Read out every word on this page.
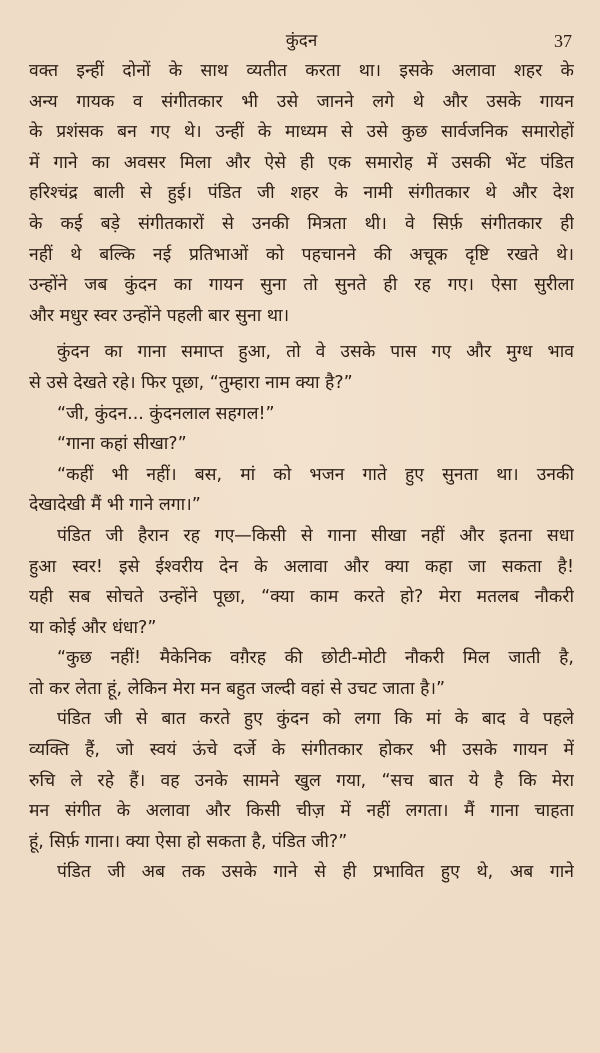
कुंदन	37
वक्त इन्हीं दोनों के साथ व्यतीत करता था। इसके अलावा शहर के
अन्य गायक व संगीतकार भी उसे जानने लगे थे और उसके गायन
के प्रशंसक बन गए थे। उन्हीं के माध्यम से उसे कुछ सार्वजनिक समारोहों
में गाने का अवसर मिला और ऐसे ही एक समारोह में उसकी भेंट पंडित
हरिश्चंद्र बाली से हुई। पंडित जी शहर के नामी संगीतकार थे और देश
के कई बड़े संगीतकारों से उनकी मित्रता थी। वे सिर्फ़ संगीतकार ही
नहीं थे बल्कि नई प्रतिभाओं को पहचानने की अचूक दृष्टि रखते थे।
उन्होंने जब कुंदन का गायन सुना तो सुनते ही रह गए। ऐसा सुरीला
और मधुर स्वर उन्होंने पहली बार सुना था।
कुंदन का गाना समाप्त हुआ, तो वे उसके पास गए और मुग्ध भाव
से उसे देखते रहे। फिर पूछा, “तुम्हारा नाम क्या है?”
“जी, कुंदन... कुंदनलाल सहगल!”
“गाना कहां सीखा?”
“कहीं भी नहीं। बस, मां को भजन गाते हुए सुनता था। उनकी
देखादेखी मैं भी गाने लगा।”
पंडित जी हैरान रह गए—किसी से गाना सीखा नहीं और इतना सधा
हुआ स्वर! इसे ईश्वरीय देन के अलावा और क्या कहा जा सकता है!
यही सब सोचते उन्होंने पूछा, “क्या काम करते हो? मेरा मतलब नौकरी
या कोई और धंधा?”
“कुछ नहीं! मैकेनिक वग़ैरह की छोटी-मोटी नौकरी मिल जाती है,
तो कर लेता हूं, लेकिन मेरा मन बहुत जल्दी वहां से उचट जाता है।”
पंडित जी से बात करते हुए कुंदन को लगा कि मां के बाद वे पहले
व्यक्ति हैं, जो स्वयं ऊंचे दर्जे के संगीतकार होकर भी उसके गायन में
रुचि ले रहे हैं। वह उनके सामने खुल गया, “सच बात ये है कि मेरा
मन संगीत के अलावा और किसी चीज़ में नहीं लगता। मैं गाना चाहता
हूं, सिर्फ़ गाना। क्या ऐसा हो सकता है, पंडित जी?”
पंडित जी अब तक उसके गाने से ही प्रभावित हुए थे, अब गाने
